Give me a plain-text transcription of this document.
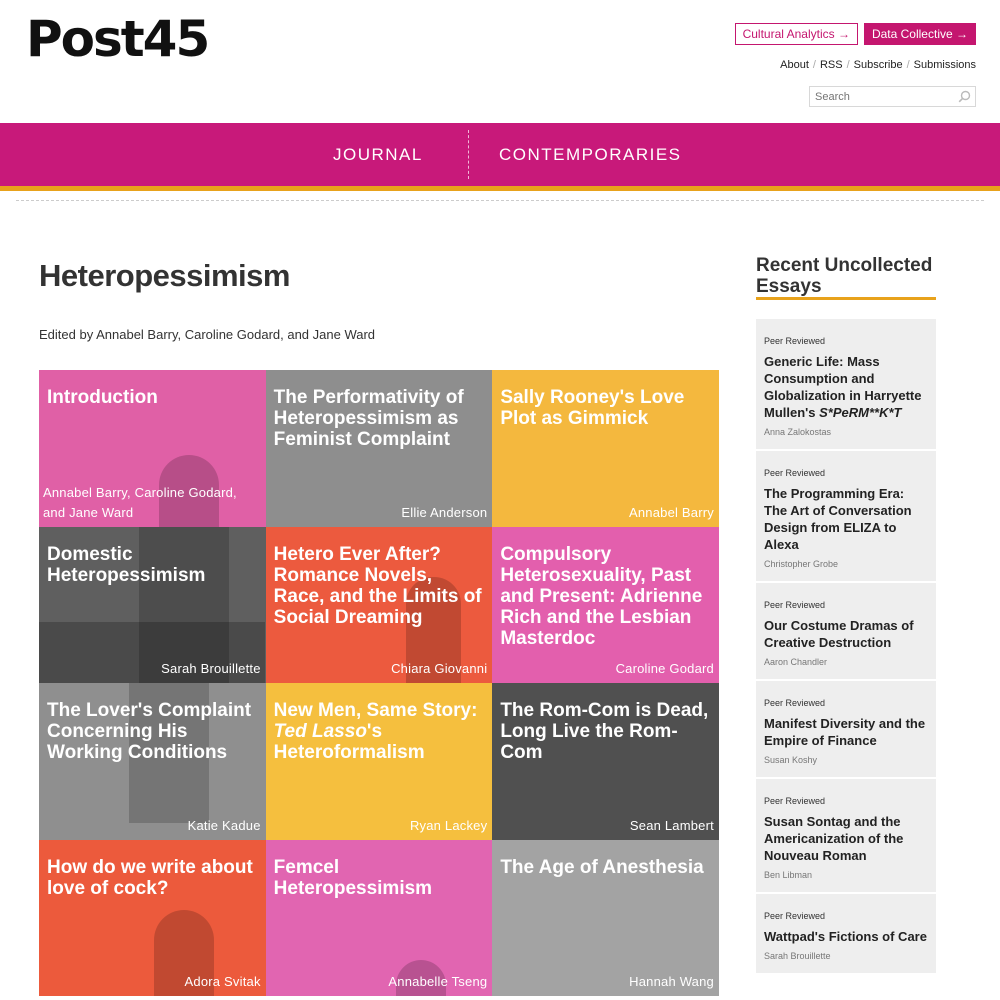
Post45	Cultural Analytics →	Data Collective →
About / RSS / Subscribe / Submissions
Search
JOURNAL	CONTEMPORARIES
Heteropessimism
Edited by Annabel Barry, Caroline Godard, and Jane Ward
Introduction
Annabel Barry, Caroline Godard, and Jane Ward
The Performativity of Heteropessimism as Feminist Complaint
Ellie Anderson
Sally Rooney's Love Plot as Gimmick
Annabel Barry
Domestic Heteropessimism
Sarah Brouillette
Hetero Ever After? Romance Novels, Race, and the Limits of Social Dreaming
Chiara Giovanni
Compulsory Heterosexuality, Past and Present: Adrienne Rich and the Lesbian Masterdoc
Caroline Godard
The Lover's Complaint Concerning His Working Conditions
Katie Kadue
New Men, Same Story: Ted Lasso's Heteroformalism
Ryan Lackey
The Rom-Com is Dead, Long Live the Rom-Com
Sean Lambert
How do we write about love of cock?
Adora Svitak
Femcel Heteropessimism
Annabelle Tseng
The Age of Anesthesia
Hannah Wang
Recent Uncollected Essays
Peer Reviewed
Generic Life: Mass Consumption and Globalization in Harryette Mullen's S*PeRM**K*T
Anna Zalokostas
Peer Reviewed
The Programming Era: The Art of Conversation Design from ELIZA to Alexa
Christopher Grobe
Peer Reviewed
Our Costume Dramas of Creative Destruction
Aaron Chandler
Peer Reviewed
Manifest Diversity and the Empire of Finance
Susan Koshy
Peer Reviewed
Susan Sontag and the Americanization of the Nouveau Roman
Ben Libman
Peer Reviewed
Wattpad's Fictions of Care
Sarah Brouillette
